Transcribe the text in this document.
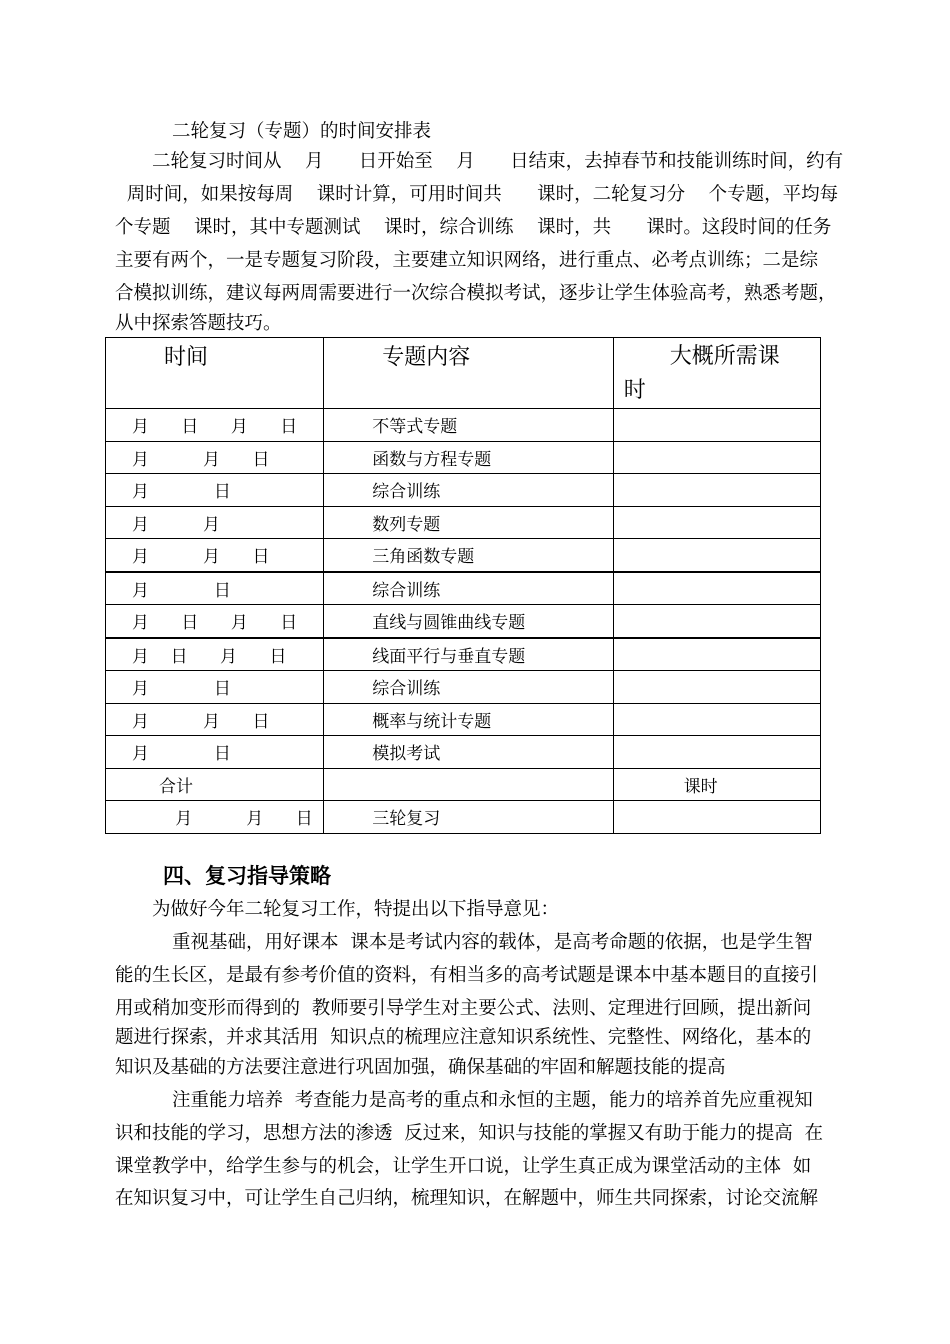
二轮复习（专题）的时间安排表
二轮复习时间从    月      日开始至    月      日结束，去掉春节和技能训练时间，约有
周时间，如果按每周    课时计算，可用时间共      课时，二轮复习分    个专题，平均每
个专题    课时，其中专题测试    课时，综合训练    课时，共      课时。这段时间的任务
主要有两个，一是专题复习阶段，主要建立知识网络，进行重点、必考点训练；二是综
合模拟训练，建议每两周需要进行一次综合模拟考试，逐步让学生体验高考，熟悉考题，
从中探索答题技巧。
时间	专题内容	大概所需课
时

月      日      月      日	不等式专题	
月          月      日	函数与方程专题	
月            日	综合训练	
月          月	数列专题	
月          月      日	三角函数专题	
月            日	综合训练	
月      日      月      日	直线与圆锥曲线专题	
月    日      月      日	线面平行与垂直专题	
月            日	综合训练	
月          月      日	概率与统计专题	
月            日	模拟考试	
合计		课时
月          月      日	三轮复习	
四、复习指导策略
为做好今年二轮复习工作，特提出以下指导意见：
重视基础，用好课本  课本是考试内容的载体，是高考命题的依据，也是学生智
能的生长区，是最有参考价值的资料，有相当多的高考试题是课本中基本题目的直接引
用或稍加变形而得到的  教师要引导学生对主要公式、法则、定理进行回顾，提出新问
题进行探索，并求其活用  知识点的梳理应注意知识系统性、完整性、网络化，基本的
知识及基础的方法要注意进行巩固加强，确保基础的牢固和解题技能的提高
注重能力培养  考查能力是高考的重点和永恒的主题，能力的培养首先应重视知
识和技能的学习，思想方法的渗透  反过来，知识与技能的掌握又有助于能力的提高  在
课堂教学中，给学生参与的机会，让学生开口说，让学生真正成为课堂活动的主体  如
在知识复习中，可让学生自己归纳，梳理知识，在解题中，师生共同探索，讨论交流解
